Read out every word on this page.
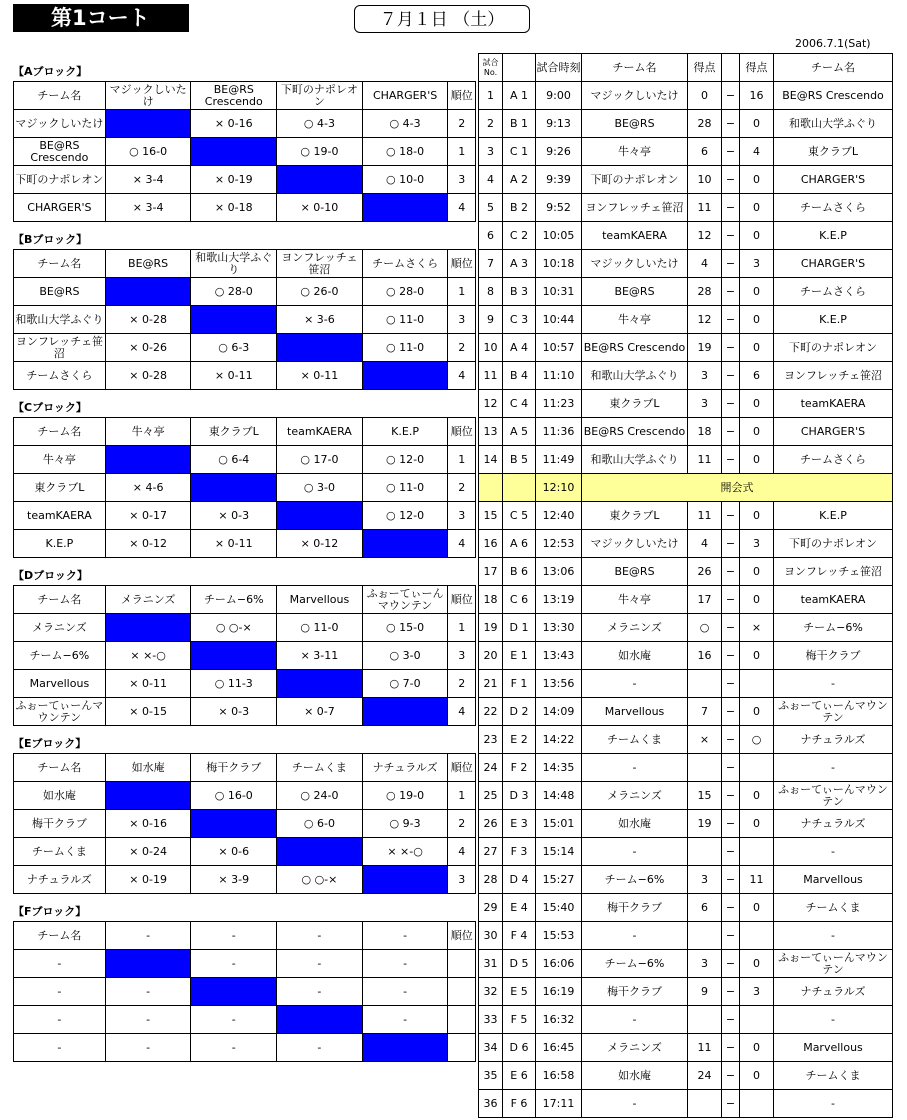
第1コート	７月１日 （土）
2006.7.1(Sat)
【Aブロック】
チーム名	マジックしいたけ	BE@RS Crescendo	下町のナポレオン	CHARGER'S	順位
マジックしいたけ		× 0-16	○ 4-3	○ 4-3	2
BE@RS Crescendo	○ 16-0		○ 19-0	○ 18-0	1
下町のナポレオン	× 3-4	× 0-19		○ 10-0	3
CHARGER'S	× 3-4	× 0-18	× 0-10		4
【Bブロック】
チーム名	BE@RS	和歌山大学ふぐり	ヨンフレッチェ笹沼	チームさくら	順位
BE@RS		○ 28-0	○ 26-0	○ 28-0	1
和歌山大学ふぐり	× 0-28		× 3-6	○ 11-0	3
ヨンフレッチェ笹沼	× 0-26	○ 6-3		○ 11-0	2
チームさくら	× 0-28	× 0-11	× 0-11		4
【Cブロック】
チーム名	牛々亭	東クラブL	teamKAERA	K.E.P	順位
牛々亭		○ 6-4	○ 17-0	○ 12-0	1
東クラブL	× 4-6		○ 3-0	○ 11-0	2
teamKAERA	× 0-17	× 0-3		○ 12-0	3
K.E.P	× 0-12	× 0-11	× 0-12		4
【Dブロック】
チーム名	メラニンズ	チーム−6%	Marvellous	ふぉーてぃーんマウンテン	順位
メラニンズ		○ ○-×	○ 11-0	○ 15-0	1
チーム−6%	× ×-○		× 3-11	○ 3-0	3
Marvellous	× 0-11	○ 11-3		○ 7-0	2
ふぉーてぃーんマウンテン	× 0-15	× 0-3	× 0-7		4
【Eブロック】
チーム名	如水庵	梅干クラブ	チームくま	ナチュラルズ	順位
如水庵		○ 16-0	○ 24-0	○ 19-0	1
梅干クラブ	× 0-16		○ 6-0	○ 9-3	2
チームくま	× 0-24	× 0-6		× ×-○	4
ナチュラルズ	× 0-19	× 3-9	○ ○-×		3
【Fブロック】
チーム名	-	-	-	-	順位
-		-	-	-	
-	-		-	-	
-	-	-		-	
-	-	-	-		
試合No.		試合時刻	チーム名	得点		得点	チーム名
1	A 1	9:00	マジックしいたけ	0	−	16	BE@RS Crescendo
2	B 1	9:13	BE@RS	28	−	0	和歌山大学ふぐり
3	C 1	9:26	牛々亭	6	−	4	東クラブL
4	A 2	9:39	下町のナポレオン	10	−	0	CHARGER'S
5	B 2	9:52	ヨンフレッチェ笹沼	11	−	0	チームさくら
6	C 2	10:05	teamKAERA	12	−	0	K.E.P
7	A 3	10:18	マジックしいたけ	4	−	3	CHARGER'S
8	B 3	10:31	BE@RS	28	−	0	チームさくら
9	C 3	10:44	牛々亭	12	−	0	K.E.P
10	A 4	10:57	BE@RS Crescendo	19	−	0	下町のナポレオン
11	B 4	11:10	和歌山大学ふぐり	3	−	6	ヨンフレッチェ笹沼
12	C 4	11:23	東クラブL	3	−	0	teamKAERA
13	A 5	11:36	BE@RS Crescendo	18	−	0	CHARGER'S
14	B 5	11:49	和歌山大学ふぐり	11	−	0	チームさくら
		12:10	開会式				
15	C 5	12:40	東クラブL	11	−	0	K.E.P
16	A 6	12:53	マジックしいたけ	4	−	3	下町のナポレオン
17	B 6	13:06	BE@RS	26	−	0	ヨンフレッチェ笹沼
18	C 6	13:19	牛々亭	17	−	0	teamKAERA
19	D 1	13:30	メラニンズ	○	−	×	チーム−6%
20	E 1	13:43	如水庵	16	−	0	梅干クラブ
21	F 1	13:56	-		−		-
22	D 2	14:09	Marvellous	7	−	0	ふぉーてぃーんマウンテン
23	E 2	14:22	チームくま	×	−	○	ナチュラルズ
24	F 2	14:35	-		−		-
25	D 3	14:48	メラニンズ	15	−	0	ふぉーてぃーんマウンテン
26	E 3	15:01	如水庵	19	−	0	ナチュラルズ
27	F 3	15:14	-		−		-
28	D 4	15:27	チーム−6%	3	−	11	Marvellous
29	E 4	15:40	梅干クラブ	6	−	0	チームくま
30	F 4	15:53	-		−		-
31	D 5	16:06	チーム−6%	3	−	0	ふぉーてぃーんマウンテン
32	E 5	16:19	梅干クラブ	9	−	3	ナチュラルズ
33	F 5	16:32	-		−		-
34	D 6	16:45	メラニンズ	11	−	0	Marvellous
35	E 6	16:58	如水庵	24	−	0	チームくま
36	F 6	17:11	-		−		-
